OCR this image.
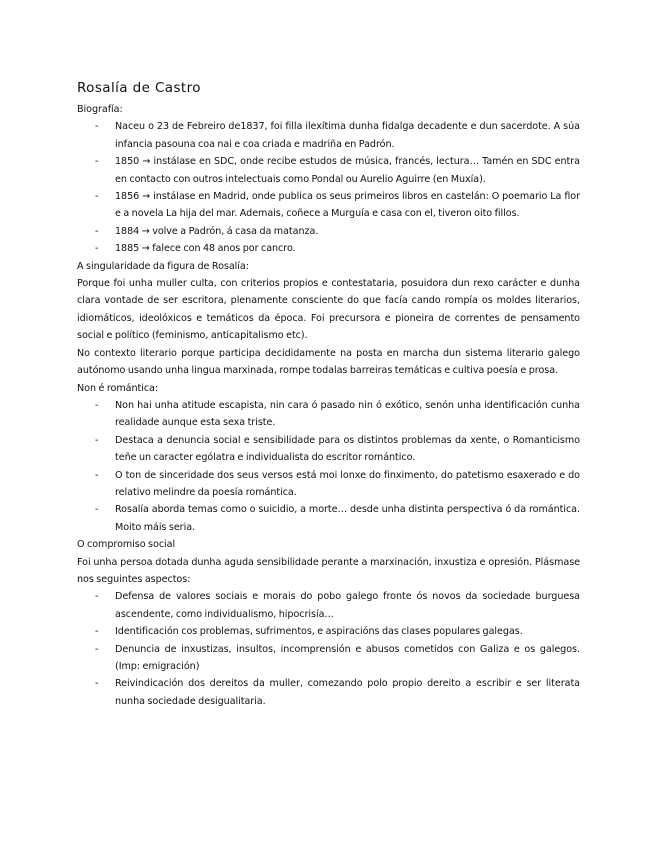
Rosalía de Castro

Biografía:

- Naceu o 23 de Febreiro de1837, foi filla ilexítima dunha fidalga decadente e dun sacerdote. A súa infancia pasouna coa nai e coa criada e madriña en Padrón.
- 1850 → instálase en SDC, onde recibe estudos de música, francés, lectura… Tamén en SDC entra en contacto con outros intelectuais como Pondal ou Aurelio Aguirre (en Muxía).
- 1856 → instálase en Madrid, onde publica os seus primeiros libros en castelán: O poemario La flor e a novela La hija del mar. Ademais, coñece a Murguía e casa con el, tiveron oito fillos.
- 1884 → volve a Padrón, á casa da matanza.
- 1885 → falece con 48 anos por cancro.

A singularidade da figura de Rosalía:

Porque foi unha muller culta, con criterios propios e contestataria, posuidora dun rexo carácter e dunha clara vontade de ser escritora, plenamente consciente do que facía cando rompía os moldes literarios, idiomáticos, ideolóxicos e temáticos da época. Foi precursora e pioneira de correntes de pensamento social e político (feminismo, anticapitalismo etc).

No contexto literario porque participa decididamente na posta en marcha dun sistema literario galego autónomo usando unha lingua marxinada, rompe todalas barreiras temáticas e cultiva poesía e prosa.

Non é romántica:

- Non hai unha atitude escapista, nin cara ó pasado nin ó exótico, senón unha identificación cunha realidade aunque esta sexa triste.
- Destaca a denuncia social e sensibilidade para os distintos problemas da xente, o Romanticismo teñe un caracter ególatra e individualista do escritor romántico.
- O ton de sinceridade dos seus versos está moi lonxe do finximento, do patetismo esaxerado e do relativo melindre da poesía romántica.
- Rosalía aborda temas como o suicidio, a morte… desde unha distinta perspectiva ó da romántica. Moito máis seria.

O compromiso social

Foi unha persoa dotada dunha aguda sensibilidade perante a marxinación, inxustiza e opresión. Plásmase nos seguintes aspectos:

- Defensa de valores sociais e morais do pobo galego fronte ós novos da sociedade burguesa ascendente, como individualismo, hipocrisía…
- Identificación cos problemas, sufrimentos, e aspiracións das clases populares galegas.
- Denuncia de inxustizas, insultos, incomprensión e abusos cometidos con Galiza e os galegos. (Imp: emigración)
- Reivindicación dos dereitos da muller, comezando polo propio dereito a escribir e ser literata nunha sociedade desigualitaria.
